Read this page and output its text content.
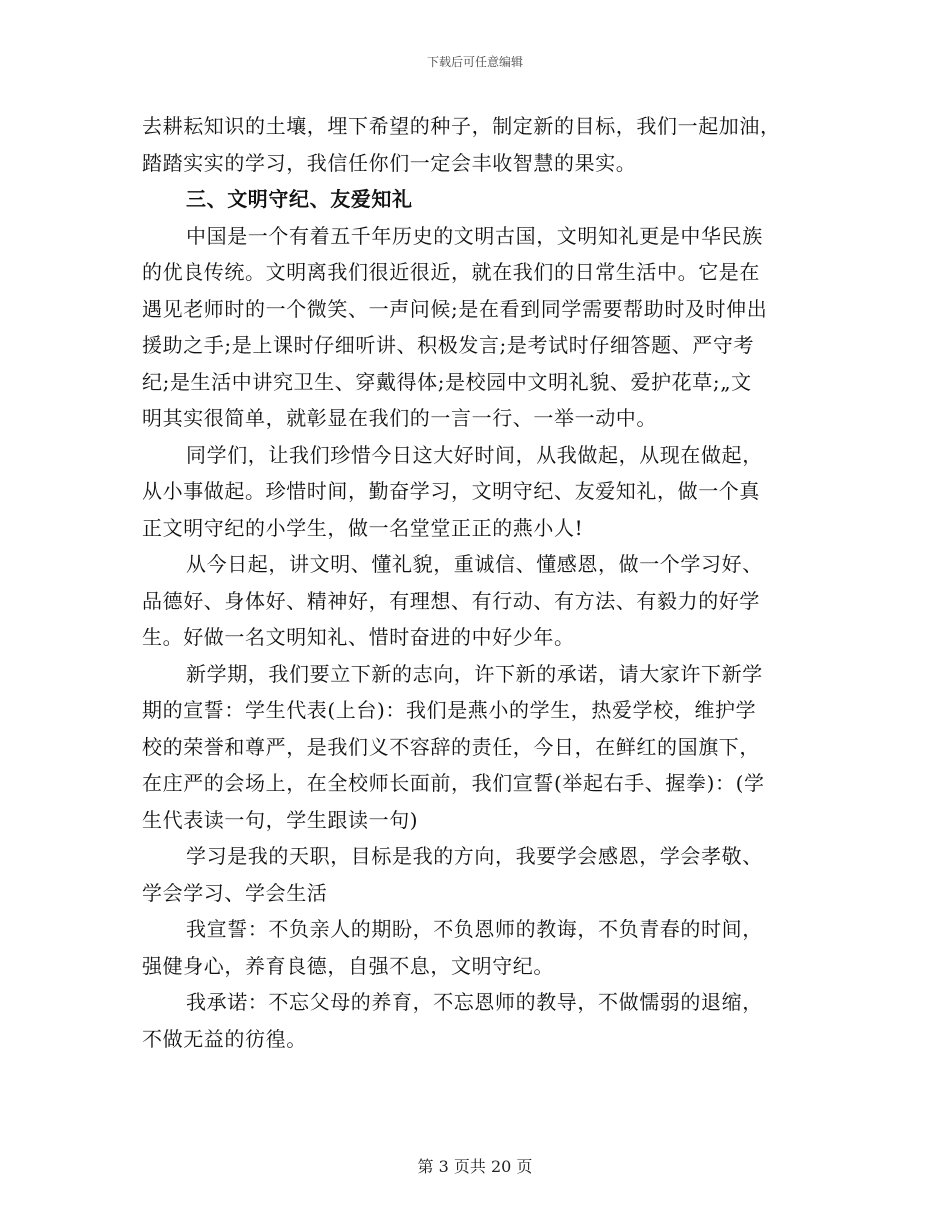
下载后可任意编辑
去耕耘知识的土壤，埋下希望的种子，制定新的目标，我们一起加油，
踏踏实实的学习，我信任你们一定会丰收智慧的果实。
三、文明守纪、友爱知礼
中国是一个有着五千年历史的文明古国，文明知礼更是中华民族
的优良传统。文明离我们很近很近，就在我们的日常生活中。它是在
遇见老师时的一个微笑、一声问候;是在看到同学需要帮助时及时伸出
援助之手;是上课时仔细听讲、积极发言;是考试时仔细答题、严守考
纪;是生活中讲究卫生、穿戴得体;是校园中文明礼貌、爱护花草;„文
明其实很简单，就彰显在我们的一言一行、一举一动中。
同学们，让我们珍惜今日这大好时间，从我做起，从现在做起，
从小事做起。珍惜时间，勤奋学习，文明守纪、友爱知礼，做一个真
正文明守纪的小学生，做一名堂堂正正的燕小人!
从今日起，讲文明、懂礼貌，重诚信、懂感恩，做一个学习好、
品德好、身体好、精神好，有理想、有行动、有方法、有毅力的好学
生。好做一名文明知礼、惜时奋进的中好少年。
新学期，我们要立下新的志向，许下新的承诺，请大家许下新学
期的宣誓：学生代表(上台)：我们是燕小的学生，热爱学校，维护学
校的荣誉和尊严，是我们义不容辞的责任，今日，在鲜红的国旗下，
在庄严的会场上，在全校师长面前，我们宣誓(举起右手、握拳)：(学
生代表读一句，学生跟读一句)
学习是我的天职，目标是我的方向，我要学会感恩，学会孝敬、
学会学习、学会生活
我宣誓：不负亲人的期盼，不负恩师的教诲，不负青春的时间，
强健身心，养育良德，自强不息，文明守纪。
我承诺：不忘父母的养育，不忘恩师的教导，不做懦弱的退缩，
不做无益的彷徨。
第 3 页共 20 页
